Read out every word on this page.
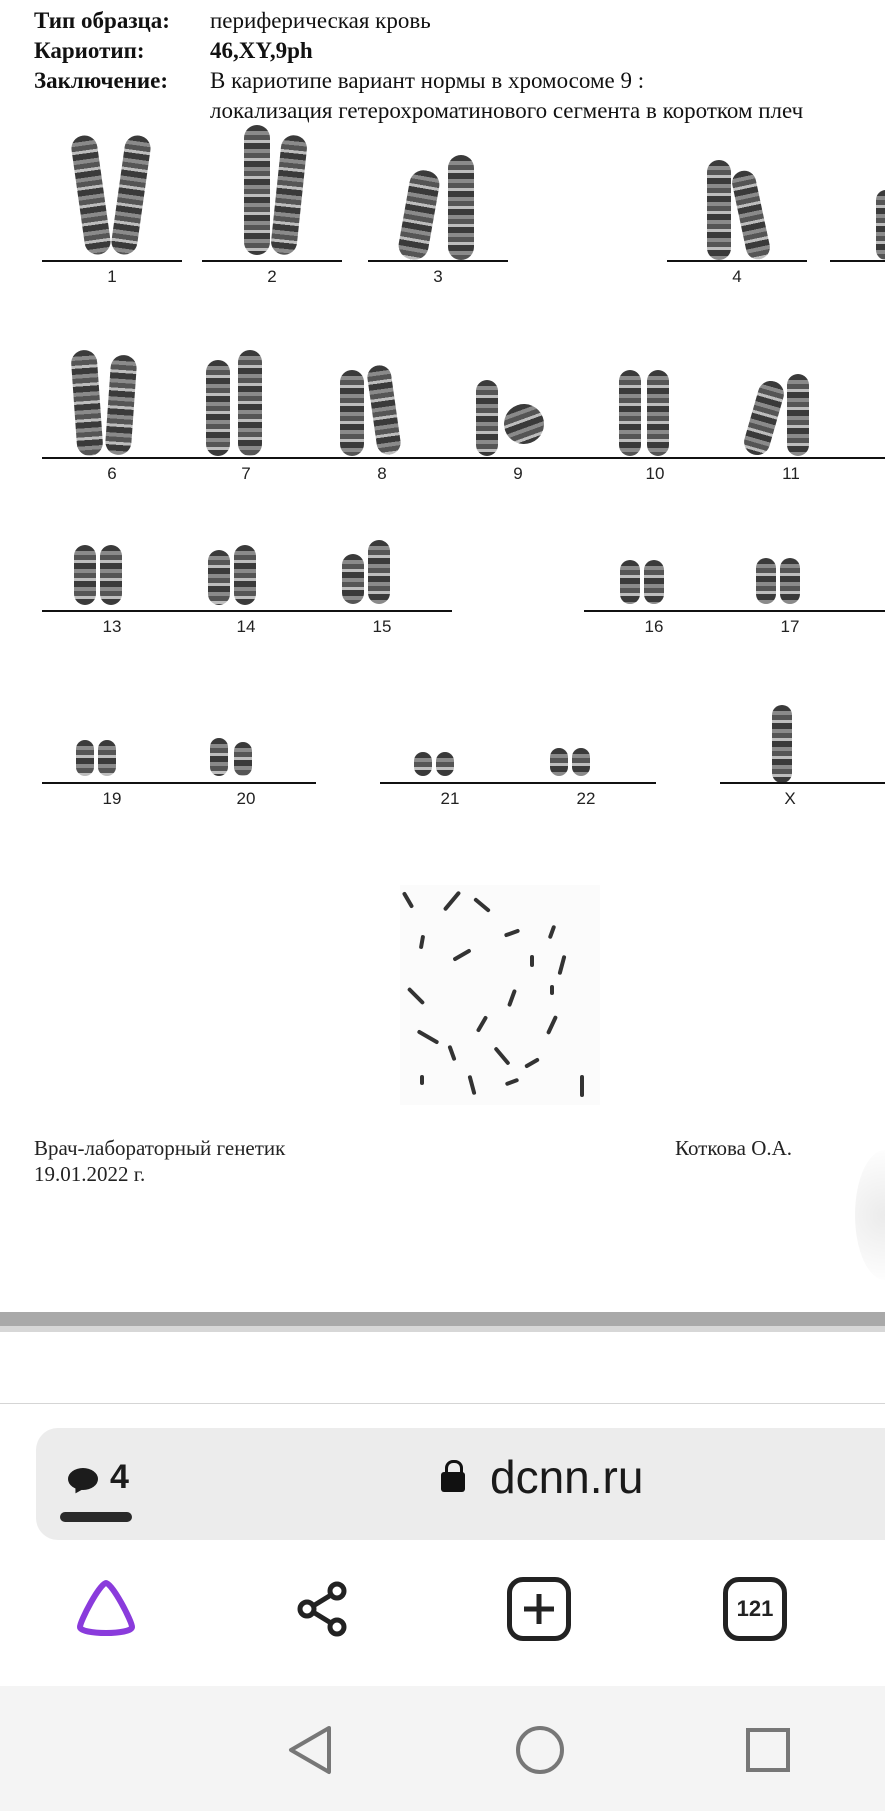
Тип образца: периферическая кровь
Кариотип:	46,XY,9ph
Заключение: В кариотипе вариант нормы в хромосоме 9 :
локализация гетерохроматинового сегмента в коротком плеч
1	2	3	4
6	7	8	9	10	11
13	14	15	16	17
19	20	21	22	X
Врач-лабораторный генетик
19.01.2022 г.
Коткова О.А.
4	dcnn.ru
121
